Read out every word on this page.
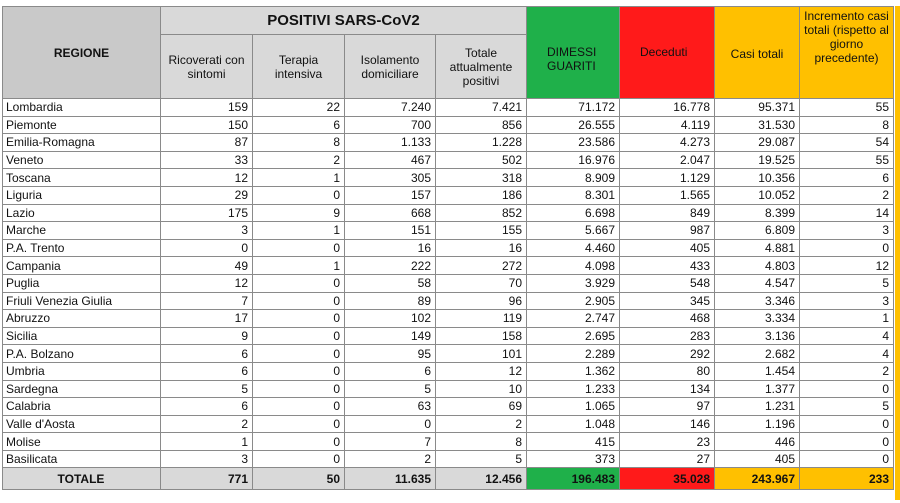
REGIONE	POSITIVI SARS-CoV2				DIMESSI GUARITI	Deceduti	Casi totali	Incremento casi totali (rispetto al giorno precedente)
	Ricoverati con sintomi	Terapia intensiva	Isolamento domiciliare	Totale attualmente positivi				
Lombardia	159	22	7.240	7.421	71.172	16.778	95.371	55
Piemonte	150	6	700	856	26.555	4.119	31.530	8
Emilia-Romagna	87	8	1.133	1.228	23.586	4.273	29.087	54
Veneto	33	2	467	502	16.976	2.047	19.525	55
Toscana	12	1	305	318	8.909	1.129	10.356	6
Liguria	29	0	157	186	8.301	1.565	10.052	2
Lazio	175	9	668	852	6.698	849	8.399	14
Marche	3	1	151	155	5.667	987	6.809	3
P.A. Trento	0	0	16	16	4.460	405	4.881	0
Campania	49	1	222	272	4.098	433	4.803	12
Puglia	12	0	58	70	3.929	548	4.547	5
Friuli Venezia Giulia	7	0	89	96	2.905	345	3.346	3
Abruzzo	17	0	102	119	2.747	468	3.334	1
Sicilia	9	0	149	158	2.695	283	3.136	4
P.A. Bolzano	6	0	95	101	2.289	292	2.682	4
Umbria	6	0	6	12	1.362	80	1.454	2
Sardegna	5	0	5	10	1.233	134	1.377	0
Calabria	6	0	63	69	1.065	97	1.231	5
Valle d'Aosta	2	0	0	2	1.048	146	1.196	0
Molise	1	0	7	8	415	23	446	0
Basilicata	3	0	2	5	373	27	405	0
TOTALE	771	50	11.635	12.456	196.483	35.028	243.967	233
